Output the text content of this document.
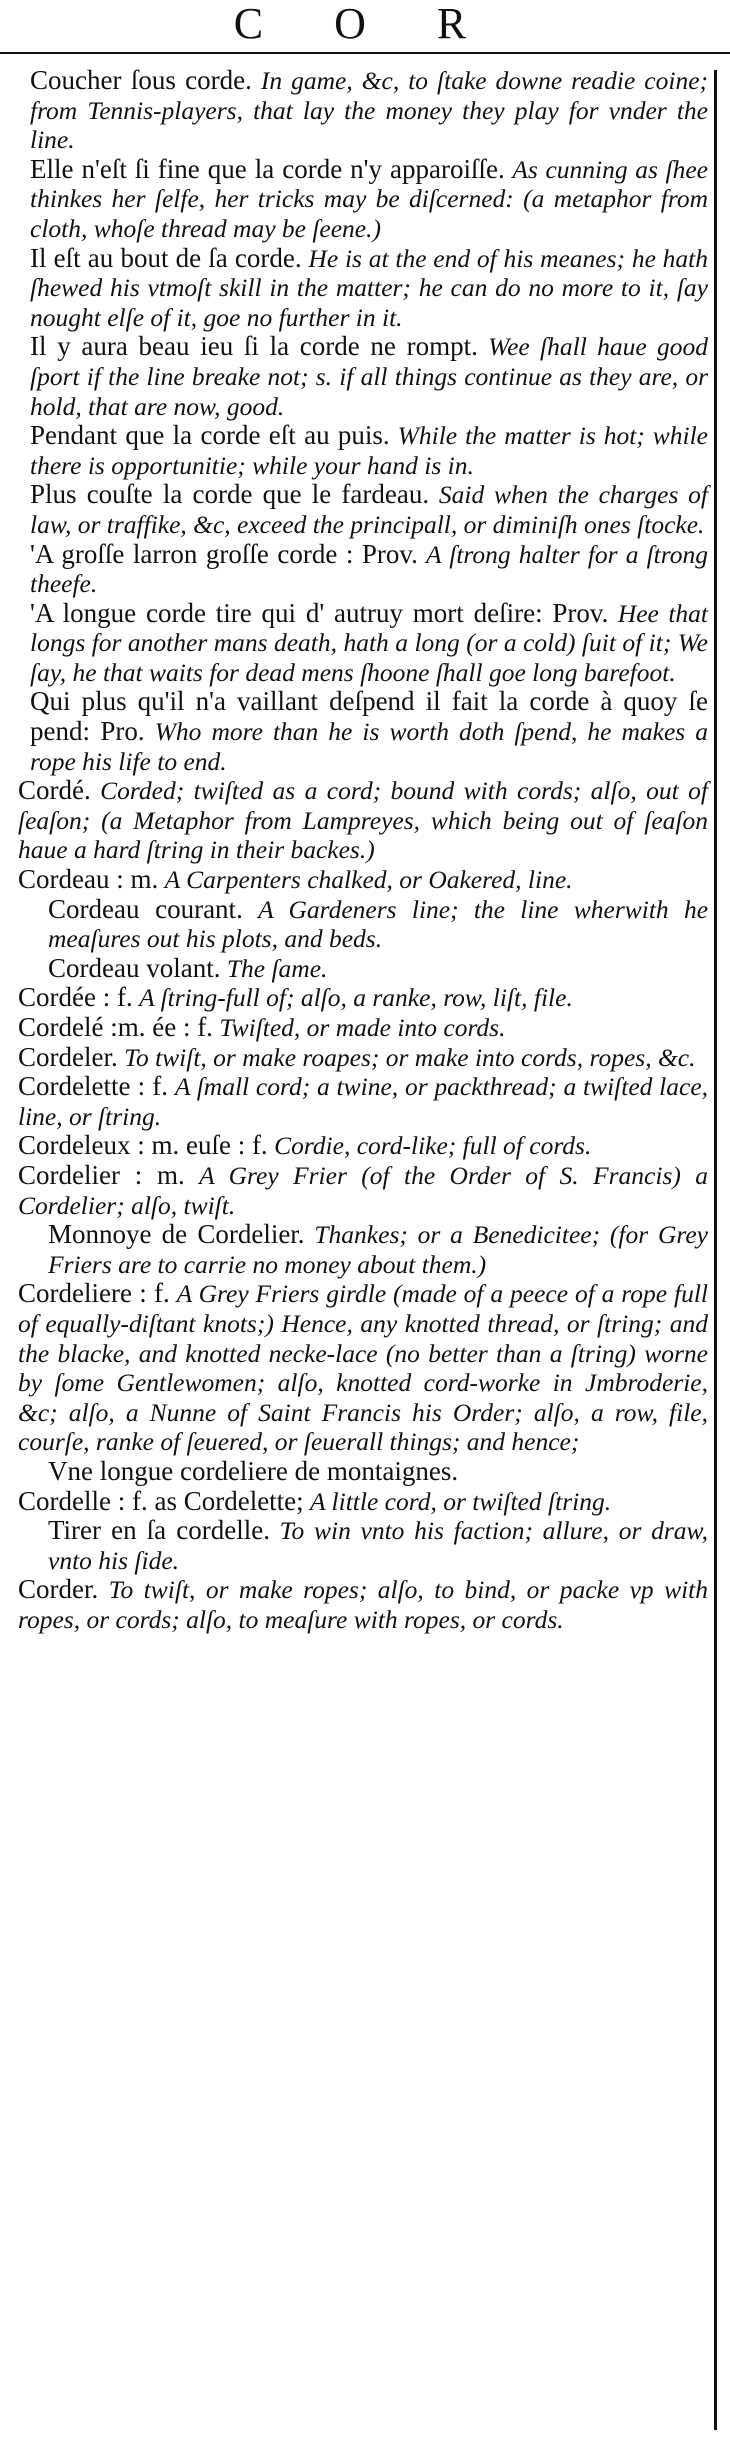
C O R
Coucher ſous corde. In game, &c, to ſtake downe readie coine; from Tennis-players, that lay the money they play for vnder the line.
Elle n'eſt ſi fine que la corde n'y apparoiſſe. As cunning as ſhee thinkes her ſelfe, her tricks may be diſcerned: (a metaphor from cloth, whoſe thread may be ſeene.)
Il eſt au bout de ſa corde. He is at the end of his meanes; he hath ſhewed his vtmoſt skill in the matter; he can do no more to it, ſay nought elſe of it, goe no further in it.
Il y aura beau ieu ſi la corde ne rompt. Wee ſhall haue good ſport if the line breake not; s. if all things continue as they are, or hold, that are now, good.
Pendant que la corde eſt au puis. While the matter is hot; while there is opportunitie; while your hand is in.
Plus couſte la corde que le fardeau. Said when the charges of law, or traffike, &c, exceed the principall, or diminiſh ones ſtocke.
'A groſſe larron groſſe corde : Prov. A ſtrong halter for a ſtrong theefe.
'A longue corde tire qui d' autruy mort deſire: Prov. Hee that longs for another mans death, hath a long (or a cold) ſuit of it; We ſay, he that waits for dead mens ſhoone ſhall goe long barefoot.
Qui plus qu'il n'a vaillant deſpend il fait la corde à quoy ſe pend: Pro. Who more than he is worth doth ſpend, he makes a rope his life to end.
Cordé. Corded; twiſted as a cord; bound with cords; alſo, out of ſeaſon; (a Metaphor from Lampreyes, which being out of ſeaſon haue a hard ſtring in their backes.)
Cordeau : m. A Carpenters chalked, or Oakered, line.
Cordeau courant. A Gardeners line; the line wherwith he meaſures out his plots, and beds.
Cordeau volant. The ſame.
Cordée : f. A ſtring-full of; alſo, a ranke, row, liſt, file.
Cordelé :m. ée : f. Twiſted, or made into cords.
Cordeler. To twiſt, or make roapes; or make into cords, ropes, &c.
Cordelette : f. A ſmall cord; a twine, or packthread; a twiſted lace, line, or ſtring.
Cordeleux : m. euſe : f. Cordie, cord-like; full of cords.
Cordelier : m. A Grey Frier (of the Order of S. Francis) a Cordelier; alſo, twiſt.
Monnoye de Cordelier. Thankes; or a Benedicitee; (for Grey Friers are to carrie no money about them.)
Cordeliere : f. A Grey Friers girdle (made of a peece of a rope full of equally-diſtant knots;) Hence, any knotted thread, or ſtring; and the blacke, and knotted necke-lace (no better than a ſtring) worne by ſome Gentlewomen; alſo, knotted cord-worke in Jmbroderie, &c; alſo, a Nunne of Saint Francis his Order; alſo, a row, file, courſe, ranke of ſeuered, or ſeuerall things; and hence;
Vne longue cordeliere de montaignes.
Cordelle : f. as Cordelette; A little cord, or twiſted ſtring.
Tirer en ſa cordelle. To win vnto his faction; allure, or draw, vnto his ſide.
Corder. To twiſt, or make ropes; alſo, to bind, or packe vp with ropes, or cords; alſo, to meaſure with ropes, or cords.
